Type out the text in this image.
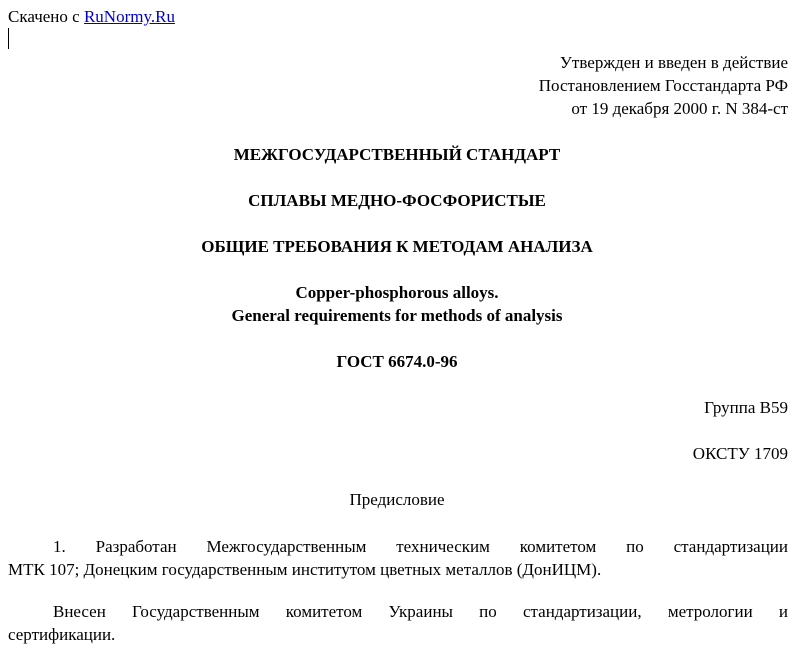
Скачено с RuNormy.Ru
Утвержден и введен в действие
Постановлением Госстандарта РФ
от 19 декабря 2000 г. N 384-ст
МЕЖГОСУДАРСТВЕННЫЙ СТАНДАРТ
СПЛАВЫ МЕДНО-ФОСФОРИСТЫЕ
ОБЩИЕ ТРЕБОВАНИЯ К МЕТОДАМ АНАЛИЗА
Copper-phosphorous alloys.
General requirements for methods of analysis
ГОСТ 6674.0-96
Группа В59
ОКСТУ 1709
Предисловие
1. Разработан Межгосударственным техническим комитетом по стандартизации
МТК 107; Донецким государственным институтом цветных металлов (ДонИЦМ).
Внесен Государственным комитетом Украины по стандартизации, метрологии и
сертификации.
